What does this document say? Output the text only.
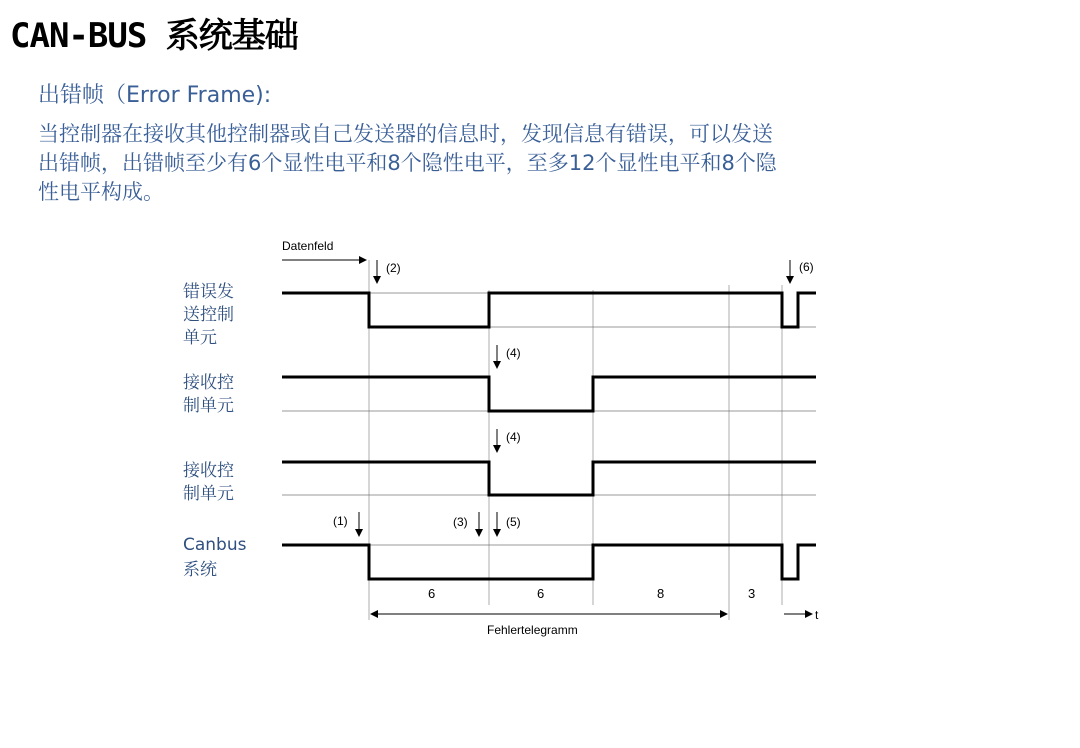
CAN-BUS 系统基础
出错帧（Error Frame):
当控制器在接收其他控制器或自己发送器的信息时，发现信息有错误，可以发送
出错帧，出错帧至少有6个显性电平和8个隐性电平，至多12个显性电平和8个隐
性电平构成。
Datenfeld
错误发
送控制
单元
(2)	(6)
接收控
制单元
(4)
接收控
制单元
(4)
Canbus
系统
(1)	(3)	(5)
6	6	8	3
Fehlertelegramm
t
